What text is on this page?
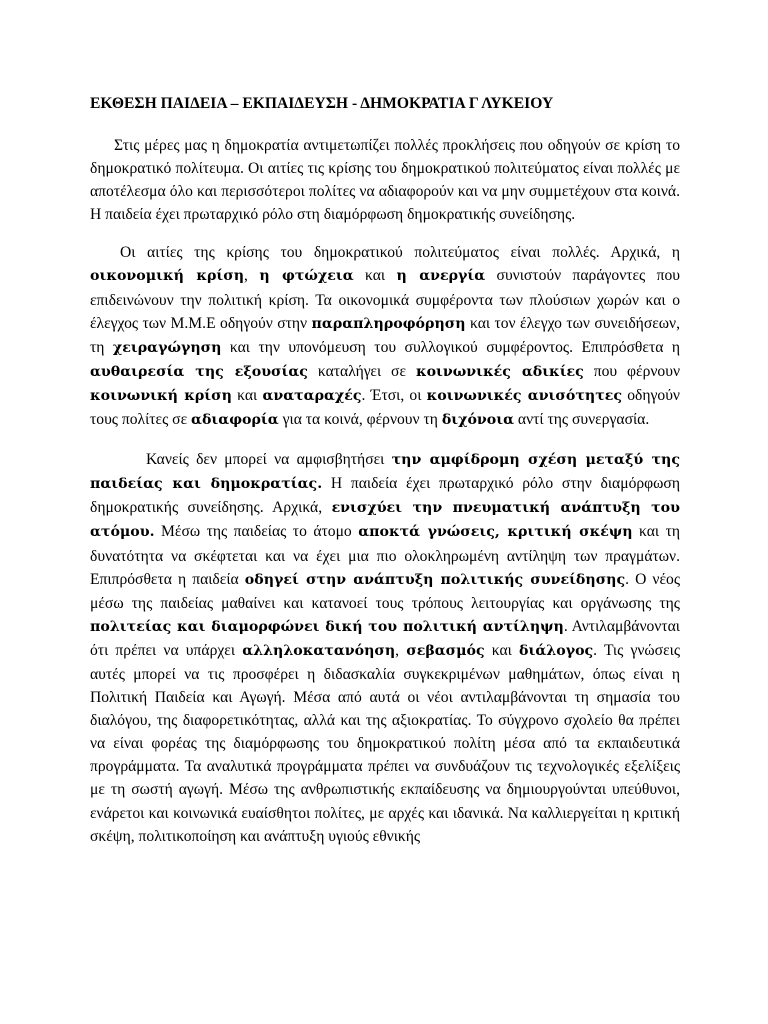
ΕΚΘΕΣΗ ΠΑΙΔΕΙΑ – ΕΚΠΑΙΔΕΥΣΗ - ΔΗΜΟΚΡΑΤΙΑ Γ ΛΥΚΕΙΟΥ

Στις μέρες μας η δημοκρατία αντιμετωπίζει πολλές προκλήσεις που οδηγούν σε κρίση το δημοκρατικό πολίτευμα. Οι αιτίες τις κρίσης του δημοκρατικού πολιτεύματος είναι πολλές με αποτέλεσμα όλο και περισσότεροι πολίτες να αδιαφορούν και να μην συμμετέχουν στα κοινά. Η παιδεία έχει πρωταρχικό ρόλο στη διαμόρφωση δημοκρατικής συνείδησης.

Οι αιτίες της κρίσης του δημοκρατικού πολιτεύματος είναι πολλές. Αρχικά, η οικονομική κρίση, η φτώχεια και η ανεργία συνιστούν παράγοντες που επιδεινώνουν την πολιτική κρίση. Τα οικονομικά συμφέροντα των πλούσιων χωρών και ο έλεγχος των Μ.Μ.Ε οδηγούν στην παραπληροφόρηση και τον έλεγχο των συνειδήσεων, τη χειραγώγηση και την υπονόμευση του συλλογικού συμφέροντος. Επιπρόσθετα η αυθαιρεσία της εξουσίας καταλήγει σε κοινωνικές αδικίες που φέρνουν κοινωνική κρίση και αναταραχές. Έτσι, οι κοινωνικές ανισότητες οδηγούν τους πολίτες σε αδιαφορία για τα κοινά, φέρνουν τη διχόνοια αντί της συνεργασία.

Κανείς δεν μπορεί να αμφισβητήσει την αμφίδρομη σχέση μεταξύ της παιδείας και δημοκρατίας. Η παιδεία έχει πρωταρχικό ρόλο στην διαμόρφωση δημοκρατικής συνείδησης. Αρχικά, ενισχύει την πνευματική ανάπτυξη του ατόμου. Μέσω της παιδείας το άτομο αποκτά γνώσεις, κριτική σκέψη και τη δυνατότητα να σκέφτεται και να έχει μια πιο ολοκληρωμένη αντίληψη των πραγμάτων. Επιπρόσθετα η παιδεία οδηγεί στην ανάπτυξη πολιτικής συνείδησης. Ο νέος μέσω της παιδείας μαθαίνει και κατανοεί τους τρόπους λειτουργίας και οργάνωσης της πολιτείας και διαμορφώνει δική του πολιτική αντίληψη. Αντιλαμβάνονται ότι πρέπει να υπάρχει αλληλοκατανόηση, σεβασμός και διάλογος. Τις γνώσεις αυτές μπορεί να τις προσφέρει η διδασκαλία συγκεκριμένων μαθημάτων, όπως είναι η Πολιτική Παιδεία και Αγωγή. Μέσα από αυτά οι νέοι αντιλαμβάνονται τη σημασία του διαλόγου, της διαφορετικότητας, αλλά και της αξιοκρατίας. Το σύγχρονο σχολείο θα πρέπει να είναι φορέας της διαμόρφωσης του δημοκρατικού πολίτη μέσα από τα εκπαιδευτικά προγράμματα. Τα αναλυτικά προγράμματα πρέπει να συνδυάζουν τις τεχνολογικές εξελίξεις με τη σωστή αγωγή. Μέσω της ανθρωπιστικής εκπαίδευσης να δημιουργούνται υπεύθυνοι, ενάρετοι και κοινωνικά ευαίσθητοι πολίτες, με αρχές και ιδανικά. Να καλλιεργείται η κριτική σκέψη, πολιτικοποίηση και ανάπτυξη υγιούς εθνικής
